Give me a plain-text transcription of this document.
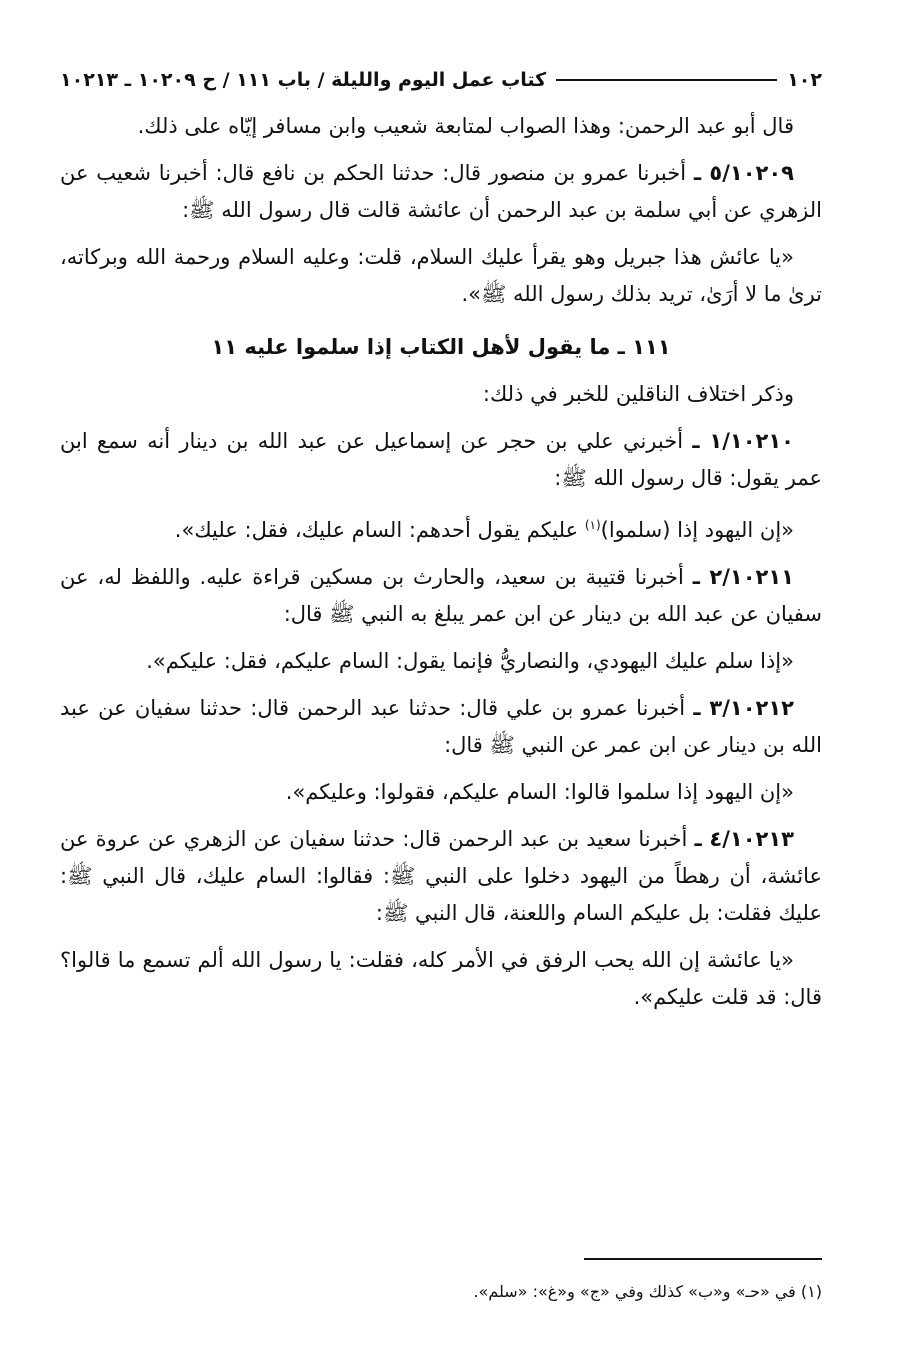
١٠٢
كتاب عمل اليوم والليلة / باب ١١١ / ح ١٠٢٠٩ ـ ١٠٢١٣

قال أبو عبد الرحمن: وهذا الصواب لمتابعة شعيب وابن مسافر إيّاه على ذلك.

٥/١٠٢٠٩ ـ أخبرنا عمرو بن منصور قال: حدثنا الحكم بن نافع قال: أخبرنا شعيب عن الزهري عن أبي سلمة بن عبد الرحمن أن عائشة قالت قال رسول الله ﷺ:

«يا عائش هذا جبريل وهو يقرأ عليك السلام، قلت: وعليه السلام ورحمة الله وبركاته، ترىٰ ما لا أرَىٰ، تريد بذلك رسول الله ﷺ».

١١١ ـ ما يقول لأهل الكتاب إذا سلموا عليه ١١

وذكر اختلاف الناقلين للخبر في ذلك:

١/١٠٢١٠ ـ أخبرني علي بن حجر عن إسماعيل عن عبد الله بن دينار أنه سمع ابن عمر يقول: قال رسول الله ﷺ:

«إن اليهود إذا (سلموا)$^{(١)}$ عليكم يقول أحدهم: السام عليك، فقل: عليك».

٢/١٠٢١١ ـ أخبرنا قتيبة بن سعيد، والحارث بن مسكين قراءة عليه. واللفظ له، عن سفيان عن عبد الله بن دينار عن ابن عمر يبلغ به النبي ﷺ قال:

«إذا سلم عليك اليهودي، والنصاريُّ فإنما يقول: السام عليكم، فقل: عليكم».

٣/١٠٢١٢ ـ أخبرنا عمرو بن علي قال: حدثنا عبد الرحمن قال: حدثنا سفيان عن عبد الله بن دينار عن ابن عمر عن النبي ﷺ قال:

«إن اليهود إذا سلموا قالوا: السام عليكم، فقولوا: وعليكم».

٤/١٠٢١٣ ـ أخبرنا سعيد بن عبد الرحمن قال: حدثنا سفيان عن الزهري عن عروة عن عائشة، أن رهطاً من اليهود دخلوا على النبي ﷺ: فقالوا: السام عليك، قال النبي ﷺ: عليك فقلت: بل عليكم السام واللعنة، قال النبي ﷺ:

«يا عائشة إن الله يحب الرفق في الأمر كله، فقلت: يا رسول الله ألم تسمع ما قالوا؟ قال: قد قلت عليكم».

(١) في «حـ» و«ب» كذلك وفي «ج» و«غ»: «سلم».
